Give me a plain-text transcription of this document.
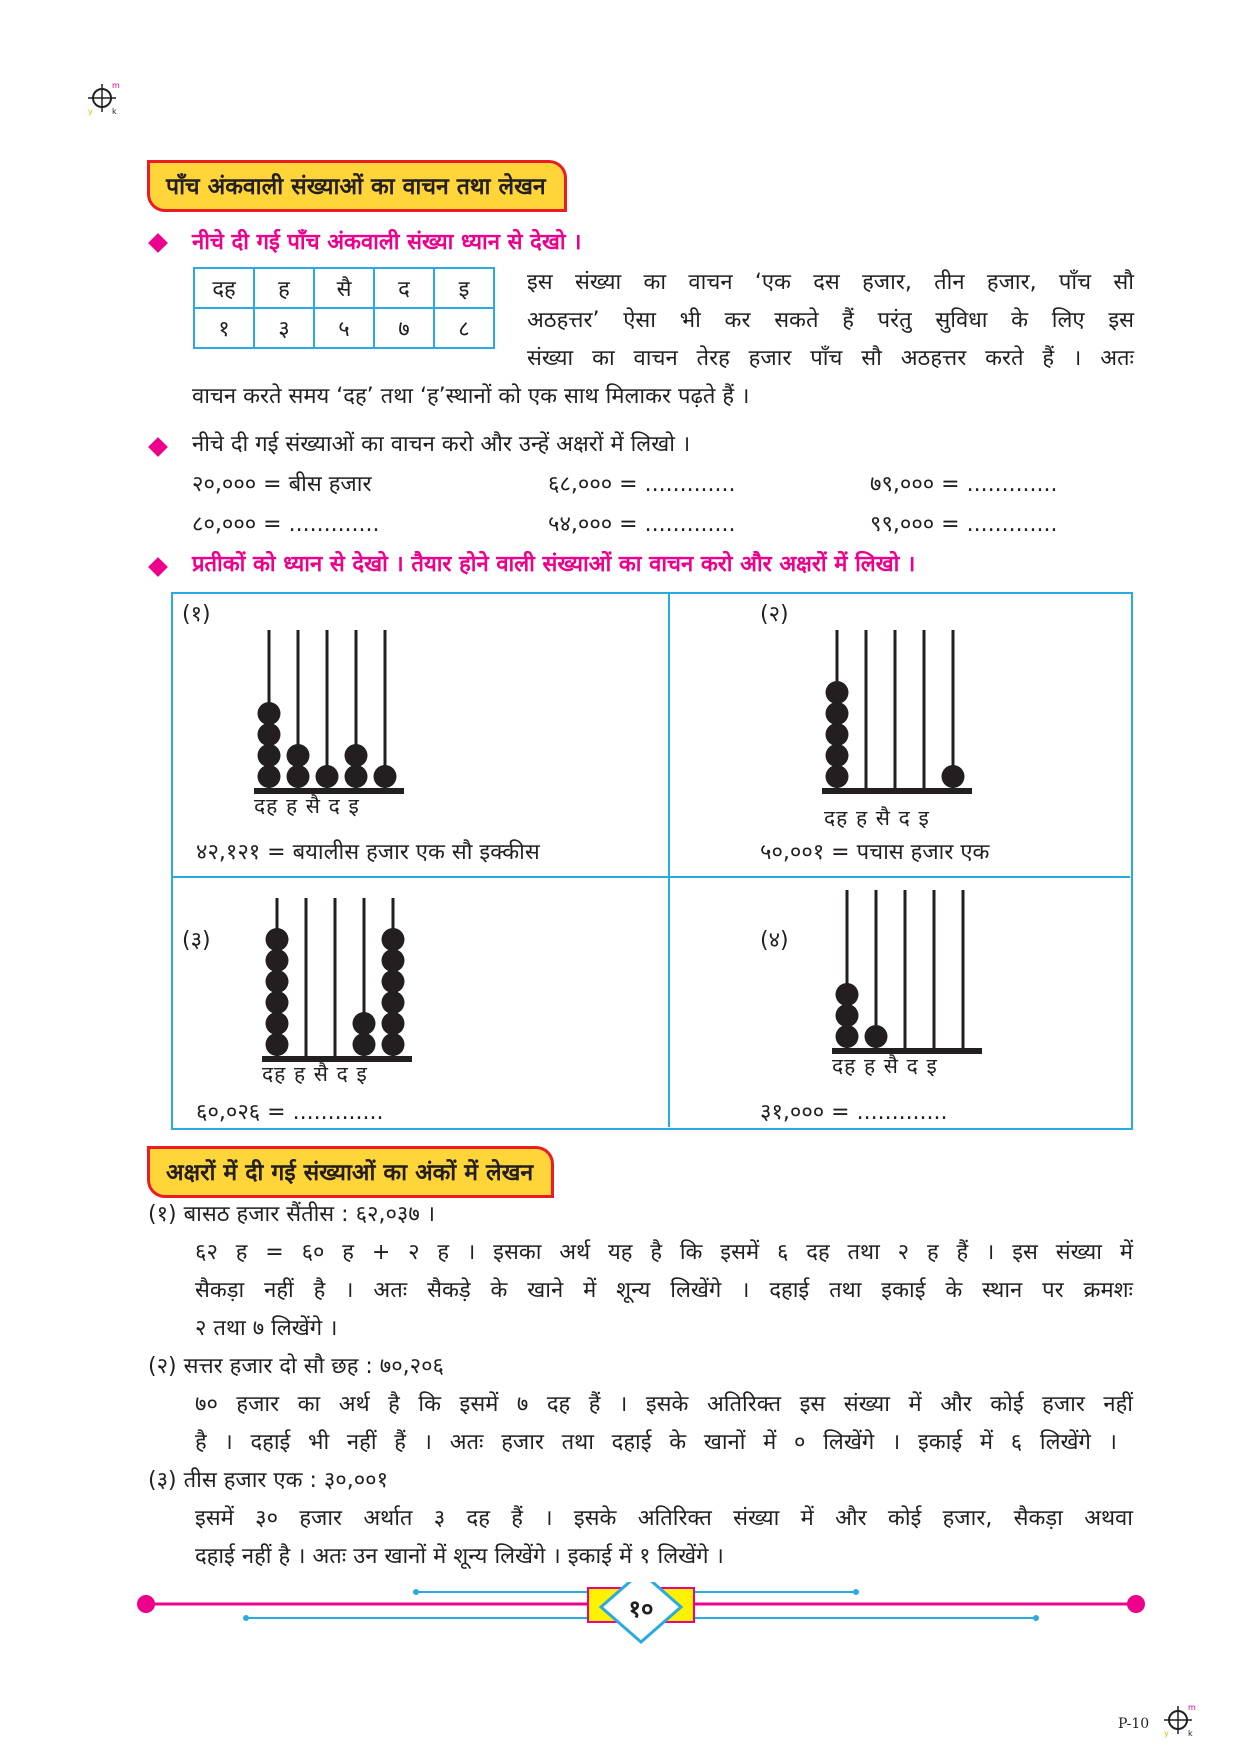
m
y k
पाँच अंकवाली संख्याओं का वाचन तथा लेखन
नीचे दी गई पाँच अंकवाली संख्या ध्यान से देखो ।
दह	ह	सै	द	इ
१	३	५	७	८
इस संख्या का वाचन ‘एक दस हजार, तीन हजार, पाँच सौ
अठहत्तर’ ऐसा भी कर सकते हैं परंतु सुविधा के लिए इस
संख्या का वाचन तेरह हजार पाँच सौ अठहत्तर करते हैं । अतः
वाचन करते समय ‘दह’ तथा ‘ह’स्थानों को एक साथ मिलाकर पढ़ते हैं ।
नीचे दी गई संख्याओं का वाचन करो और उन्हें अक्षरों में लिखो ।
२०,००० = बीस हजार	६८,००० = .............	७९,००० = .............
८०,००० = .............	५४,००० = .............	९९,००० = .............
प्रतीकों को ध्यान से देखो । तैयार होने वाली संख्याओं का वाचन करो और अक्षरों में लिखो ।
(१)
दह ह सै द इ
४२,१२१ = बयालीस हजार एक सौ इक्कीस
(२)
दह ह सै द इ
५०,००१ = पचास हजार एक
(३)
दह ह सै द इ
६०,०२६ = .............
(४)
दह ह सै द इ
३१,००० = .............
अक्षरों में दी गई संख्याओं का अंकों में लेखन
(१) बासठ हजार सैंतीस : ६२,०३७ ।
६२ ह = ६० ह + २ ह । इसका अर्थ यह है कि इसमें ६ दह तथा २ ह हैं । इस संख्या में
सैकड़ा नहीं है । अतः सैकड़े के खाने में शून्य लिखेंगे । दहाई तथा इकाई के स्थान पर क्रमशः
२ तथा ७ लिखेंगे ।
(२) सत्तर हजार दो सौ छह : ७०,२०६
७० हजार का अर्थ है कि इसमें ७ दह हैं । इसके अतिरिक्त इस संख्या में और कोई हजार नहीं
है । दहाई भी नहीं हैं । अतः हजार तथा दहाई के खानों में ० लिखेंगे । इकाई में ६ लिखेंगे ।
(३) तीस हजार एक : ३०,००१
इसमें ३० हजार अर्थात ३ दह हैं । इसके अतिरिक्त संख्या में और कोई हजार, सैकड़ा अथवा
दहाई नहीं है । अतः उन खानों में शून्य लिखेंगे । इकाई में १ लिखेंगे ।
१०
P-10
m
y k
